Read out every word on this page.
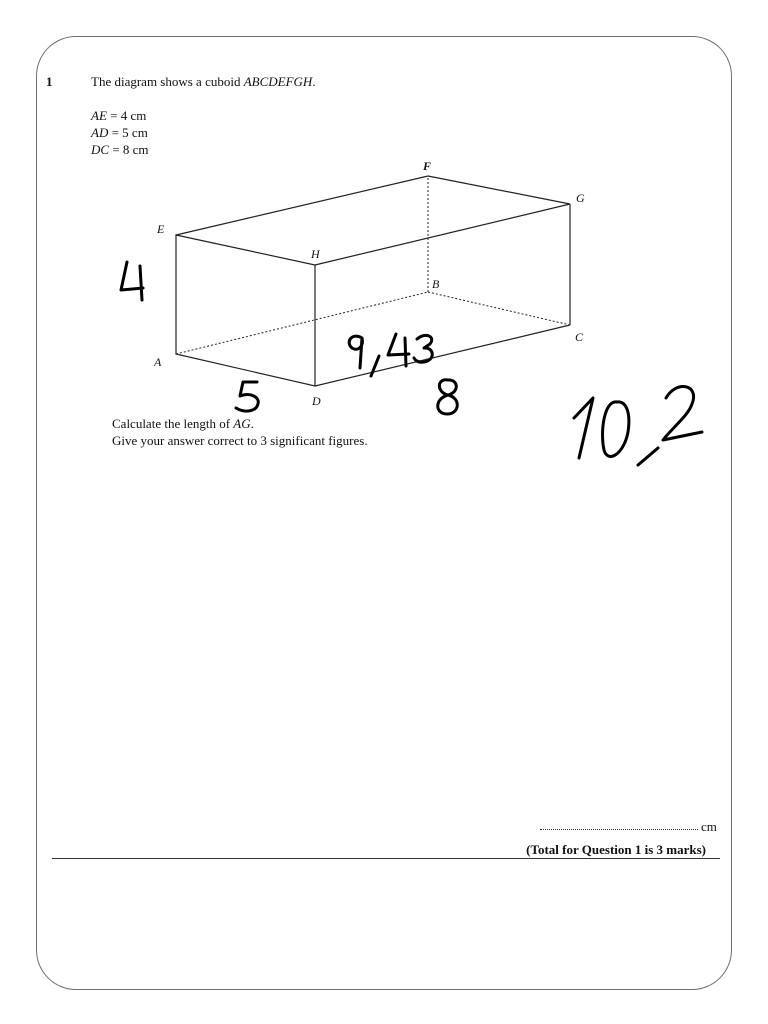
1	The diagram shows a cuboid ABCDEFGH.
AE = 4 cm
AD = 5 cm
DC = 8 cm
E
F
G
H
B
C
A
D
Calculate the length of AG.
Give your answer correct to 3 significant figures.
cm
(Total for Question 1 is 3 marks)
